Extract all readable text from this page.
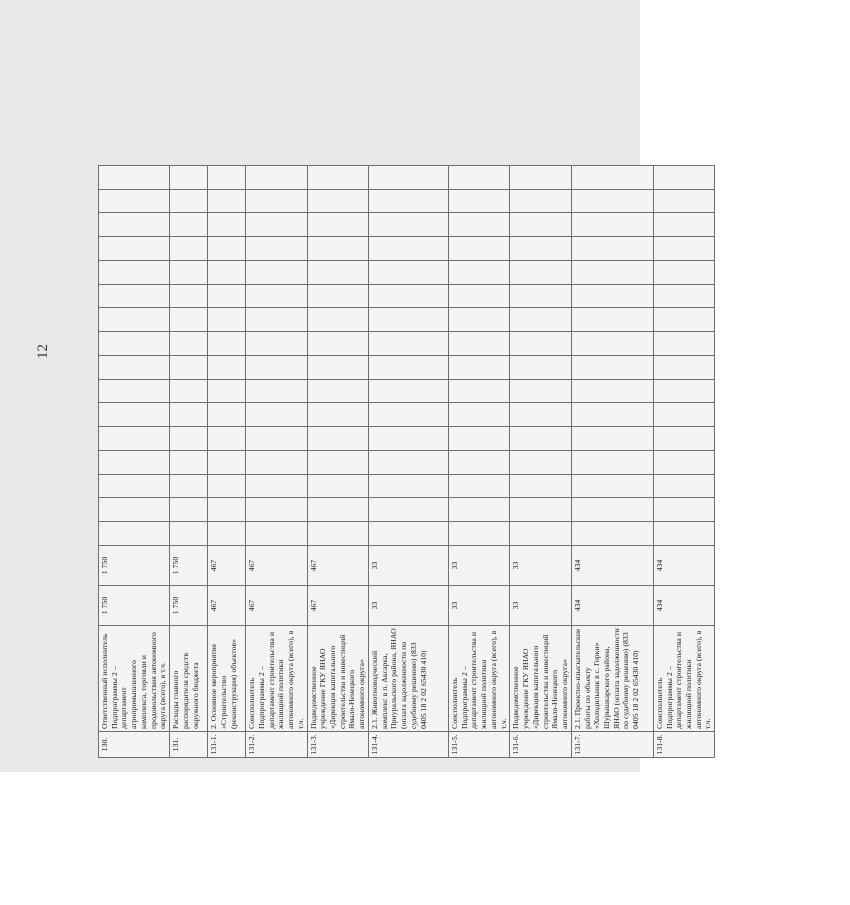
12
130.	Ответственный исполнитель Подпрограммы 2 – департамент агропромышленного комплекса, торговли и продовольствия автономного округа (всего), в т.ч.	1 750	1 750																
131.	Расходы главного распорядителя средств окружного бюджета	1 750	1 750																
131-1.	2. Основное мероприятие «Строительство (реконструкция) объектов»	467	467																
131-2.	Соисполнитель Подпрограммы 2 – департамент строительства и жилищной политики автономного округа (всего), в т.ч.	467	467																
131-3.	Подведомственное учреждение ГКУ ЯНАО «Дирекция капитального строительства и инвестиций Ямало-Ненецкого автономного округа»	467	467																
131-4.	2.1. Животноводческий комплекс в п. Аксарка, Приуральского района, ЯНАО (оплата задолженности по судебному решению) (833 0405 18 2 02 65430 410)	33	33																
131-5.	Соисполнитель Подпрограммы 2 – департамент строительства и жилищной политики автономного округа (всего), в т.ч.	33	33																
131-6.	Подведомственное учреждение ГКУ ЯНАО «Дирекция капитального строительства и инвестиций Ямало-Ненецкого автономного округа»	33	33																
131-7.	2.1. Проектно-изыскательские работы по объекту «Холодильник в с. Горки» Шурышкарского района, ЯНАО (оплата задолженности по судебному решению) (833 0405 18 2 02 65430 410)	434	434																
131-8.	Соисполнитель Подпрограммы 2 – департамент строительства и жилищной политики автономного округа (всего), в т.ч.	434	434																
